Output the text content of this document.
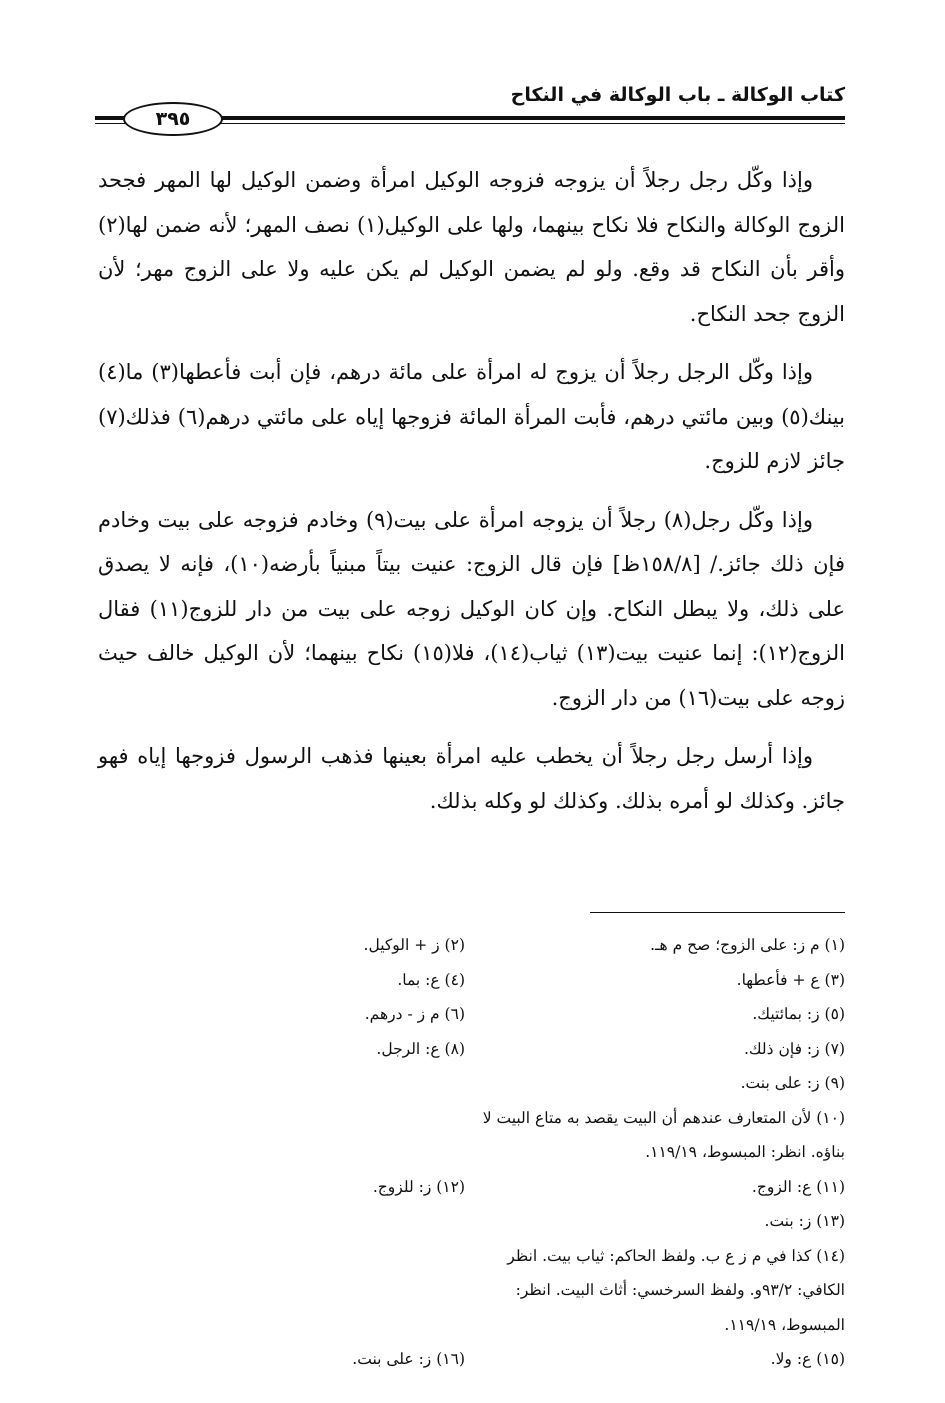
كتاب الوكالة ـ باب الوكالة في النكاح
٣٩٥

وإذا وكّل رجل رجلاً أن يزوجه فزوجه الوكيل امرأة وضمن الوكيل لها المهر فجحد الزوج الوكالة والنكاح فلا نكاح بينهما، ولها على الوكيل(١) نصف المهر؛ لأنه ضمن لها(٢) وأقر بأن النكاح قد وقع. ولو لم يضمن الوكيل لم يكن عليه ولا على الزوج مهر؛ لأن الزوج جحد النكاح.

وإذا وكّل الرجل رجلاً أن يزوج له امرأة على مائة درهم، فإن أبت فأعطها(٣) ما(٤) بينك(٥) وبين مائتي درهم، فأبت المرأة المائة فزوجها إياه على مائتي درهم(٦) فذلك(٧) جائز لازم للزوج.

وإذا وكّل رجل(٨) رجلاً أن يزوجه امرأة على بيت(٩) وخادم فزوجه على بيت وخادم فإن ذلك جائز./ [١٥٨/٨ظ] فإن قال الزوج: عنيت بيتاً مبنياً بأرضه(١٠)، فإنه لا يصدق على ذلك، ولا يبطل النكاح. وإن كان الوكيل زوجه على بيت من دار للزوج(١١) فقال الزوج(١٢): إنما عنيت بيت(١٣) ثياب(١٤)، فلا(١٥) نكاح بينهما؛ لأن الوكيل خالف حيث زوجه على بيت(١٦) من دار الزوج.

وإذا أرسل رجل رجلاً أن يخطب عليه امرأة بعينها فذهب الرسول فزوجها إياه فهو جائز. وكذلك لو أمره بذلك. وكذلك لو وكله بذلك.

(١) م ز: على الزوج؛ صح م هـ.
(٢) ز + الوكيل.
(٣) ع + فأعطها.
(٤) ع: بما.
(٥) ز: بمائتيك.
(٦) م ز - درهم.
(٧) ز: فإن ذلك.
(٨) ع: الرجل.
(٩) ز: على بنت.
(١٠) لأن المتعارف عندهم أن البيت يقصد به متاع البيت لا بناؤه. انظر: المبسوط، ١١٩/١٩.
(١١) ع: الزوج.
(١٢) ز: للزوج.
(١٣) ز: بنت.
(١٤) كذا في م ز ع ب. ولفظ الحاكم: ثياب بيت. انظر الكافي: ٩٣/٢و. ولفظ السرخسي: أثاث البيت. انظر: المبسوط، ١١٩/١٩.
(١٥) ع: ولا.
(١٦) ز: على بنت.
